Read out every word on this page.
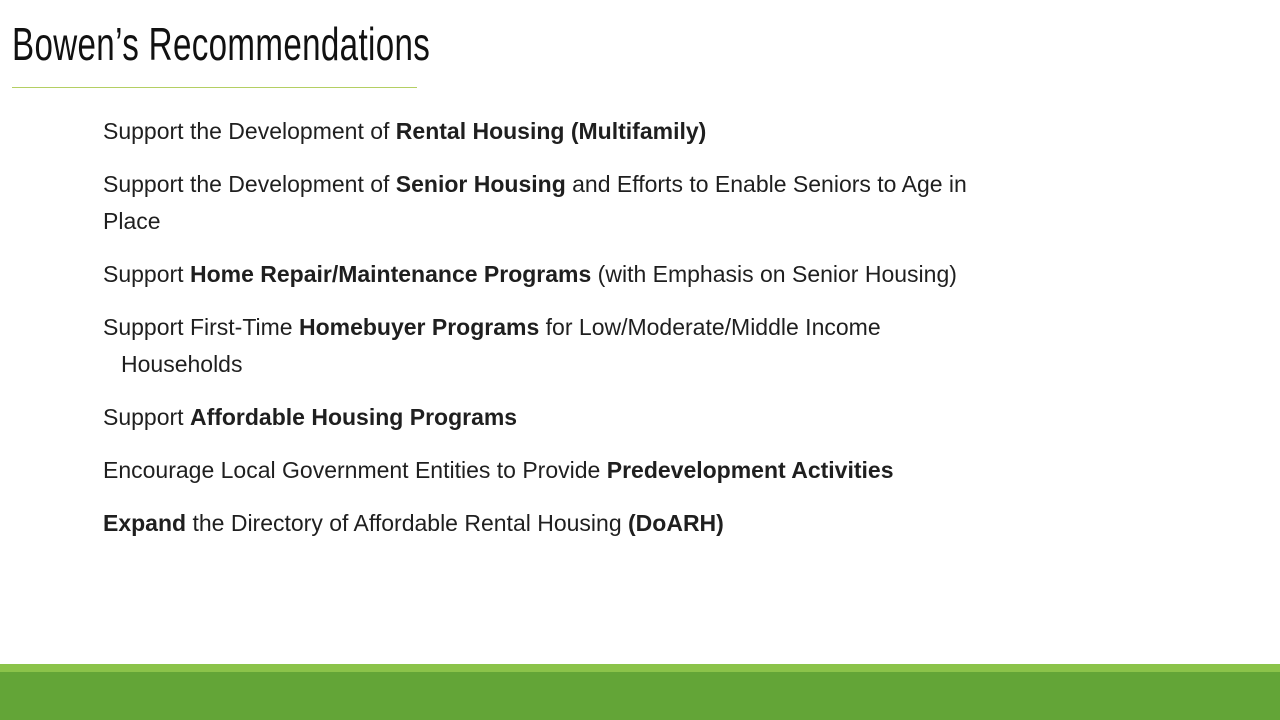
Bowen’s Recommendations
Support the Development of Rental Housing (Multifamily)
Support the Development of Senior Housing and Efforts to Enable Seniors to Age in Place
Support Home Repair/Maintenance Programs (with Emphasis on Senior Housing)
Support First-Time Homebuyer Programs for Low/Moderate/Middle Income Households
Support Affordable Housing Programs
Encourage Local Government Entities to Provide Predevelopment Activities
Expand the Directory of Affordable Rental Housing (DoARH)
